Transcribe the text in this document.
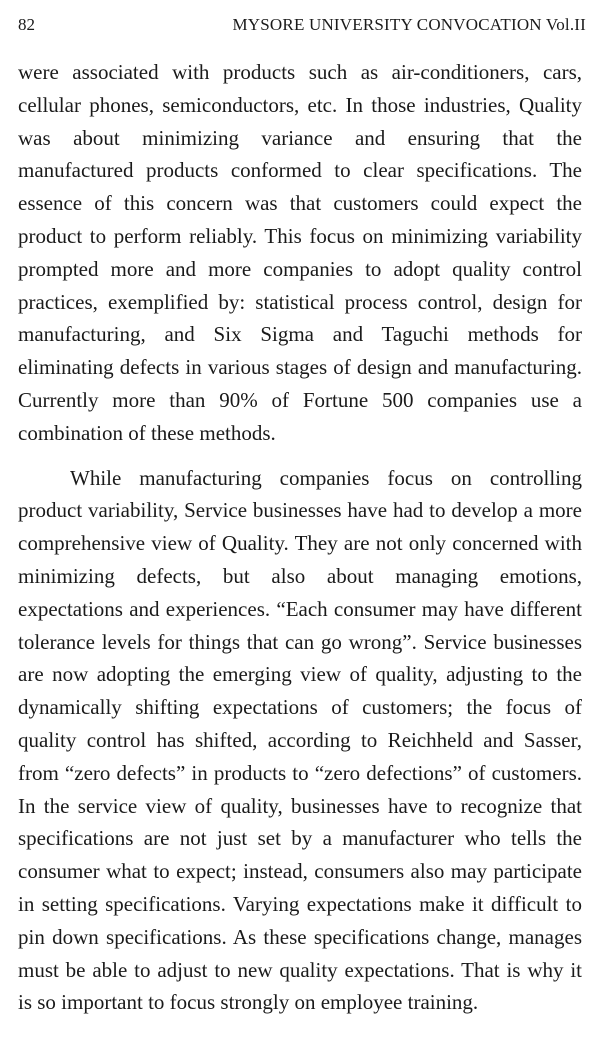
82	MYSORE UNIVERSITY CONVOCATION Vol.II

were associated with products such as air-conditioners, cars, cellular phones, semiconductors, etc. In those industries, Quality was about minimizing variance and ensuring that the manufactured products conformed to clear specifications. The essence of this concern was that customers could expect the product to perform reliably. This focus on minimizing variability prompted more and more companies to adopt quality control practices, exemplified by: statistical process control, design for manufacturing, and Six Sigma and Taguchi methods for eliminating defects in various stages of design and manufacturing. Currently more than 90% of Fortune 500 companies use a combination of these methods.

While manufacturing companies focus on controlling product variability, Service businesses have had to develop a more comprehensive view of Quality. They are not only concerned with minimizing defects, but also about managing emotions, expectations and experiences. “Each consumer may have different tolerance levels for things that can go wrong”. Service businesses are now adopting the emerging view of quality, adjusting to the dynamically shifting expectations of customers; the focus of quality control has shifted, according to Reichheld and Sasser, from “zero defects” in products to “zero defections” of customers. In the service view of quality, businesses have to recognize that specifications are not just set by a manufacturer who tells the consumer what to expect; instead, consumers also may participate in setting specifications. Varying expectations make it difficult to pin down specifications. As these specifications change, manages must be able to adjust to new quality expectations. That is why it is so important to focus strongly on employee training.
